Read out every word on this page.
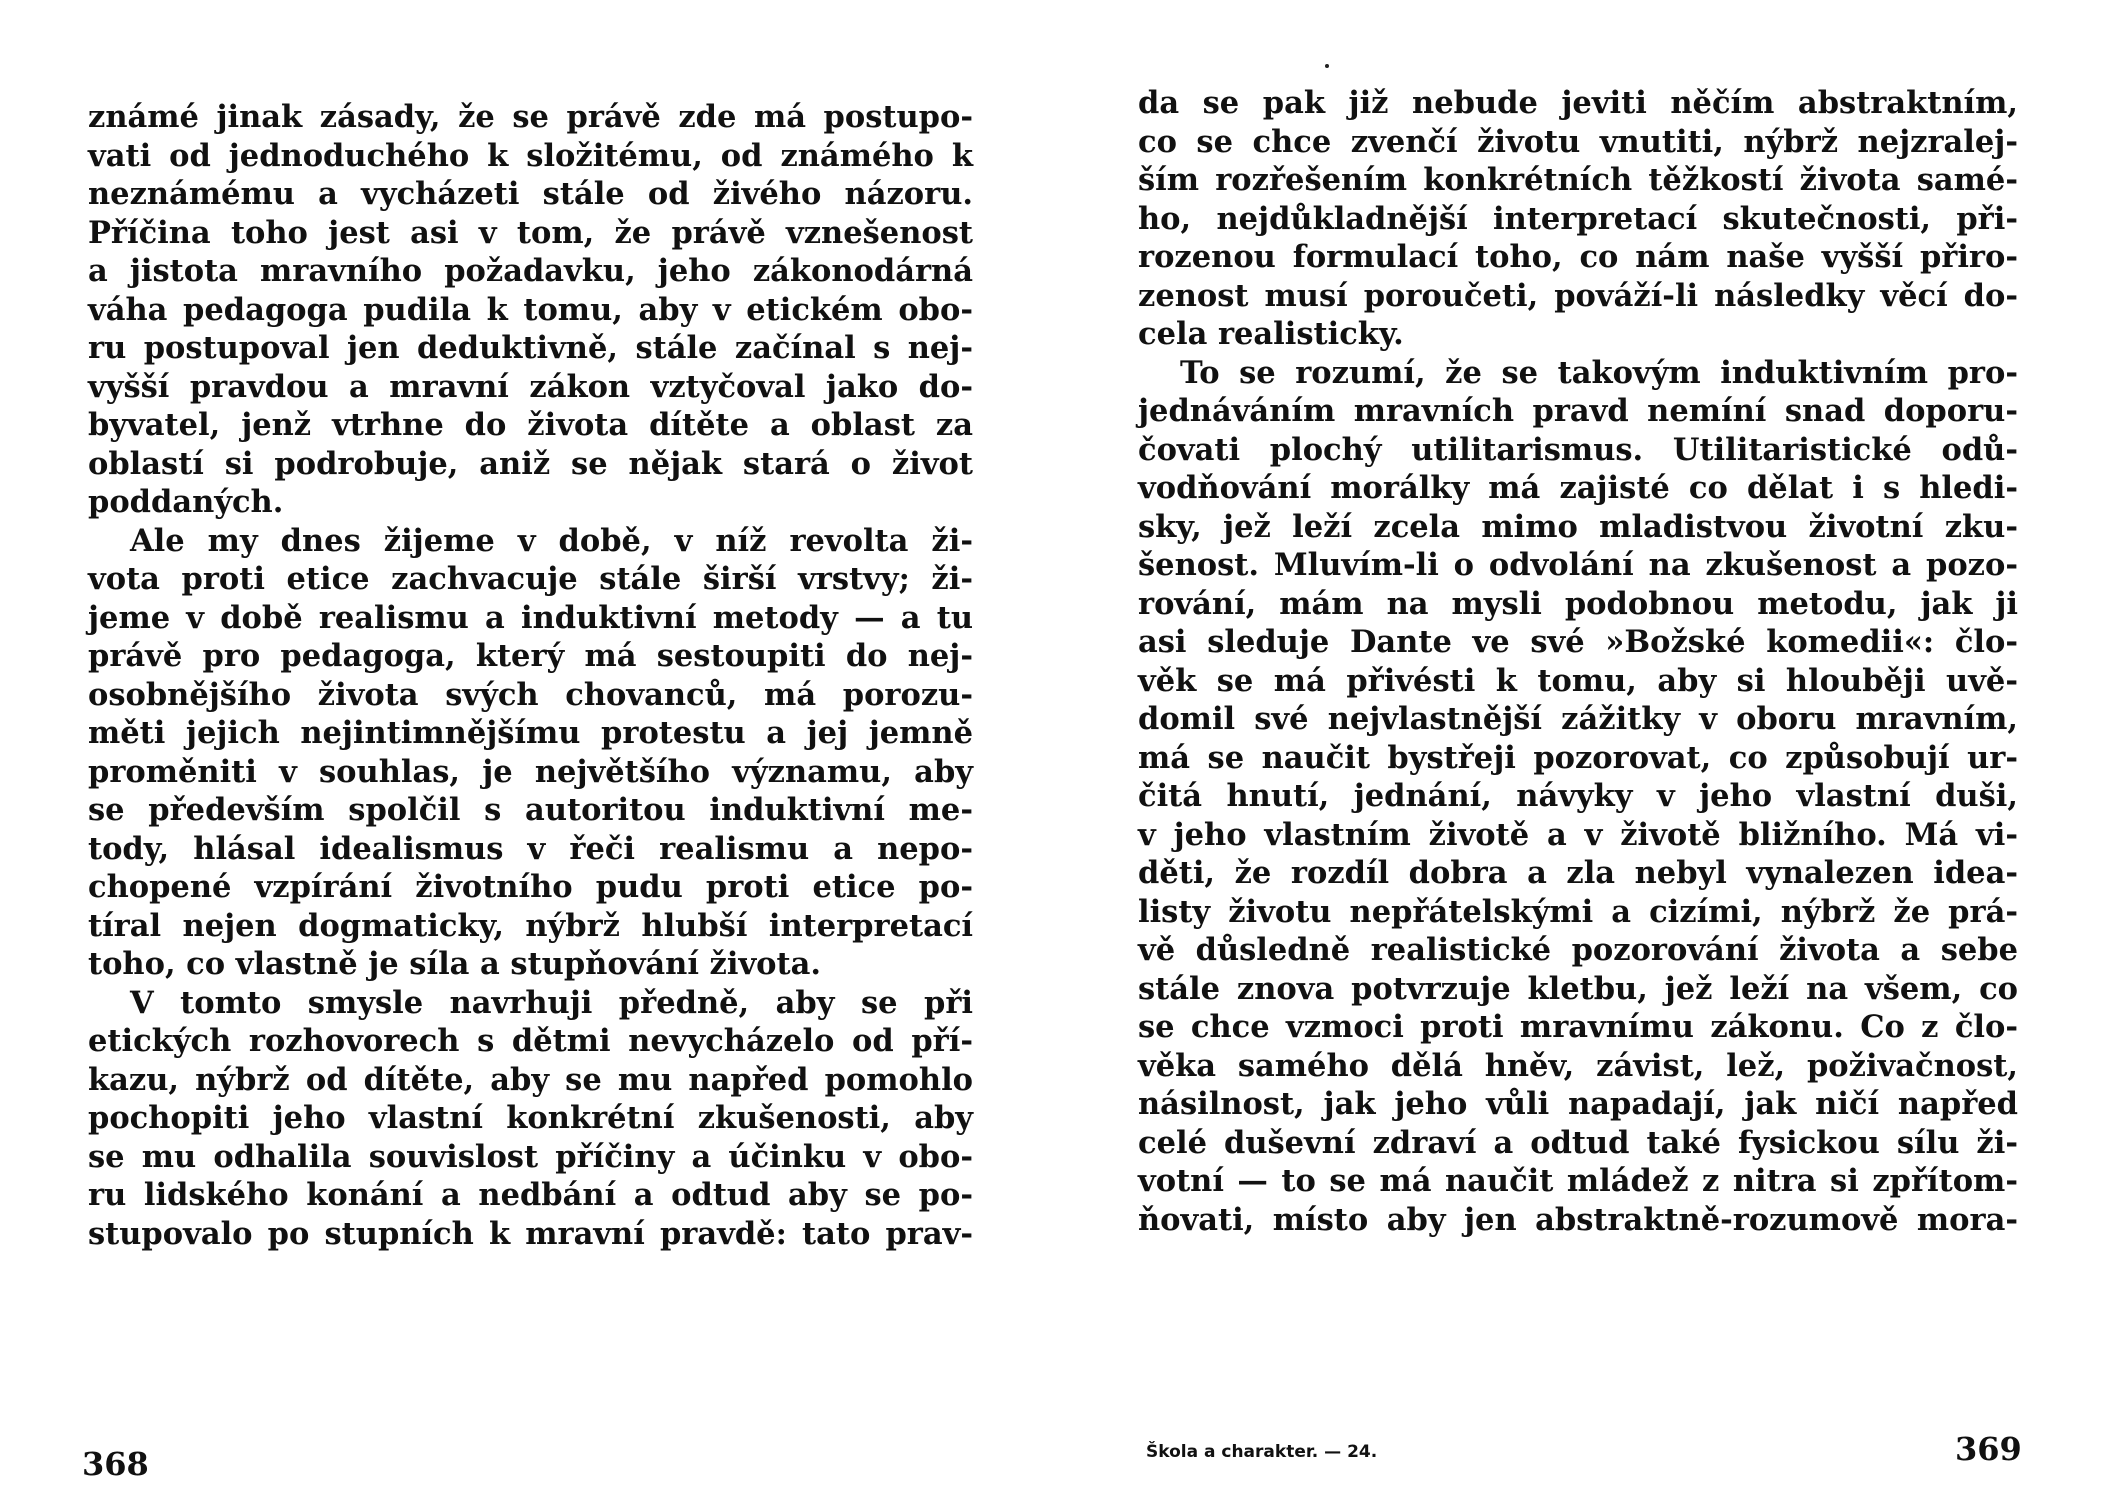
známé jinak zásady, že se právě zde má postupo-
vati od jednoduchého k složitému, od známého k
neznámému a vycházeti stále od živého názoru.
Příčina toho jest asi v tom, že právě vznešenost
a jistota mravního požadavku, jeho zákonodárná
váha pedagoga pudila k tomu, aby v etickém obo-
ru postupoval jen deduktivně, stále začínal s nej-
vyšší pravdou a mravní zákon vztyčoval jako do-
byvatel, jenž vtrhne do života dítěte a oblast za
oblastí si podrobuje, aniž se nějak stará o život
poddaných.
Ale my dnes žijeme v době, v níž revolta ži-
vota proti etice zachvacuje stále širší vrstvy; ži-
jeme v době realismu a induktivní metody — a tu
právě pro pedagoga, který má sestoupiti do nej-
osobnějšího života svých chovanců, má porozu-
měti jejich nejintimnějšímu protestu a jej jemně
proměniti v souhlas, je největšího významu, aby
se především spolčil s autoritou induktivní me-
tody, hlásal idealismus v řeči realismu a nepo-
chopené vzpírání životního pudu proti etice po-
tíral nejen dogmaticky, nýbrž hlubší interpretací
toho, co vlastně je síla a stupňování života.
V tomto smysle navrhuji předně, aby se při
etických rozhovorech s dětmi nevycházelo od pří-
kazu, nýbrž od dítěte, aby se mu napřed pomohlo
pochopiti jeho vlastní konkrétní zkušenosti, aby
se mu odhalila souvislost příčiny a účinku v obo-
ru lidského konání a nedbání a odtud aby se po-
stupovalo po stupních k mravní pravdě: tato prav-
368
da se pak již nebude jeviti něčím abstraktním,
co se chce zvenčí životu vnutiti, nýbrž nejzralej-
ším rozřešením konkrétních těžkostí života samé-
ho, nejdůkladnější interpretací skutečnosti, při-
rozenou formulací toho, co nám naše vyšší přiro-
zenost musí poroučeti, pováží-li následky věcí do-
cela realisticky.
To se rozumí, že se takovým induktivním pro-
jednáváním mravních pravd nemíní snad doporu-
čovati plochý utilitarismus. Utilitaristické odů-
vodňování morálky má zajisté co dělat i s hledi-
sky, jež leží zcela mimo mladistvou životní zku-
šenost. Mluvím-li o odvolání na zkušenost a pozo-
rování, mám na mysli podobnou metodu, jak ji
asi sleduje Dante ve své »Božské komedii«: člo-
věk se má přivésti k tomu, aby si hlouběji uvě-
domil své nejvlastnější zážitky v oboru mravním,
má se naučit bystřeji pozorovat, co způsobují ur-
čitá hnutí, jednání, návyky v jeho vlastní duši,
v jeho vlastním životě a v životě bližního. Má vi-
děti, že rozdíl dobra a zla nebyl vynalezen idea-
listy životu nepřátelskými a cizími, nýbrž že prá-
vě důsledně realistické pozorování života a sebe
stále znova potvrzuje kletbu, jež leží na všem, co
se chce vzmoci proti mravnímu zákonu. Co z člo-
věka samého dělá hněv, závist, lež, poživačnost,
násilnost, jak jeho vůli napadají, jak ničí napřed
celé duševní zdraví a odtud také fysickou sílu ži-
votní — to se má naučit mládež z nitra si zpřítom-
ňovati, místo aby jen abstraktně-rozumově mora-
Škola a charakter. — 24.	369
